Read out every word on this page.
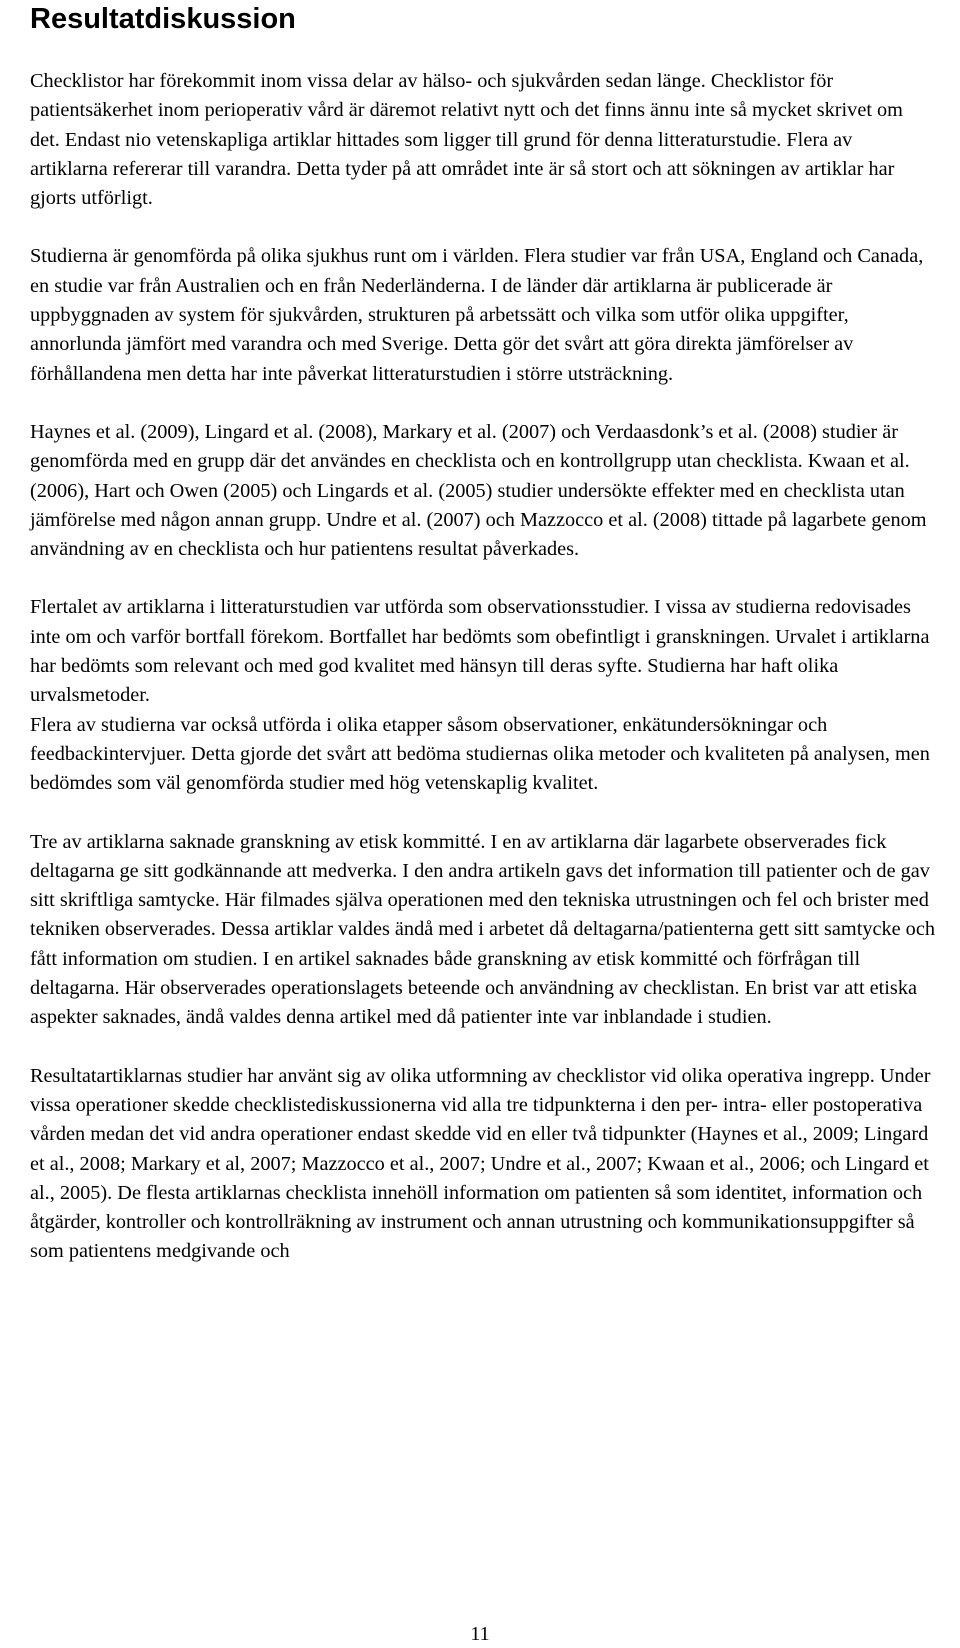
Resultatdiskussion

Checklistor har förekommit inom vissa delar av hälso- och sjukvården sedan länge. Checklistor för patientsäkerhet inom perioperativ vård är däremot relativt nytt och det finns ännu inte så mycket skrivet om det. Endast nio vetenskapliga artiklar hittades som ligger till grund för denna litteraturstudie. Flera av artiklarna refererar till varandra. Detta tyder på att området inte är så stort och att sökningen av artiklar har gjorts utförligt.

Studierna är genomförda på olika sjukhus runt om i världen. Flera studier var från USA, England och Canada, en studie var från Australien och en från Nederländerna. I de länder där artiklarna är publicerade är uppbyggnaden av system för sjukvården, strukturen på arbetssätt och vilka som utför olika uppgifter, annorlunda jämfört med varandra och med Sverige. Detta gör det svårt att göra direkta jämförelser av förhållandena men detta har inte påverkat litteraturstudien i större utsträckning.

Haynes et al. (2009), Lingard et al. (2008), Markary et al. (2007) och Verdaasdonk’s et al. (2008) studier är genomförda med en grupp där det användes en checklista och en kontrollgrupp utan checklista. Kwaan et al. (2006), Hart och Owen (2005) och Lingards et al. (2005) studier undersökte effekter med en checklista utan jämförelse med någon annan grupp. Undre et al. (2007) och Mazzocco et al. (2008) tittade på lagarbete genom användning av en checklista och hur patientens resultat påverkades.

Flertalet av artiklarna i litteraturstudien var utförda som observationsstudier. I vissa av studierna redovisades inte om och varför bortfall förekom. Bortfallet har bedömts som obefintligt i granskningen. Urvalet i artiklarna har bedömts som relevant och med god kvalitet med hänsyn till deras syfte. Studierna har haft olika urvalsmetoder.

Flera av studierna var också utförda i olika etapper såsom observationer, enkätundersökningar och feedbackintervjuer. Detta gjorde det svårt att bedöma studiernas olika metoder och kvaliteten på analysen, men bedömdes som väl genomförda studier med hög vetenskaplig kvalitet.

Tre av artiklarna saknade granskning av etisk kommitté. I en av artiklarna där lagarbete observerades fick deltagarna ge sitt godkännande att medverka. I den andra artikeln gavs det information till patienter och de gav sitt skriftliga samtycke. Här filmades själva operationen med den tekniska utrustningen och fel och brister med tekniken observerades. Dessa artiklar valdes ändå med i arbetet då deltagarna/patienterna gett sitt samtycke och fått information om studien. I en artikel saknades både granskning av etisk kommitté och förfrågan till deltagarna. Här observerades operationslagets beteende och användning av checklistan. En brist var att etiska aspekter saknades, ändå valdes denna artikel med då patienter inte var inblandade i studien.

Resultatartiklarnas studier har använt sig av olika utformning av checklistor vid olika operativa ingrepp. Under vissa operationer skedde checklistediskussionerna vid alla tre tidpunkterna i den per- intra- eller postoperativa vården medan det vid andra operationer endast skedde vid en eller två tidpunkter (Haynes et al., 2009; Lingard et al., 2008; Markary et al, 2007; Mazzocco et al., 2007; Undre et al., 2007; Kwaan et al., 2006; och Lingard et al., 2005). De flesta artiklarnas checklista innehöll information om patienten så som identitet, information och åtgärder, kontroller och kontrollräkning av instrument och annan utrustning och kommunikationsuppgifter så som patientens medgivande och

11
